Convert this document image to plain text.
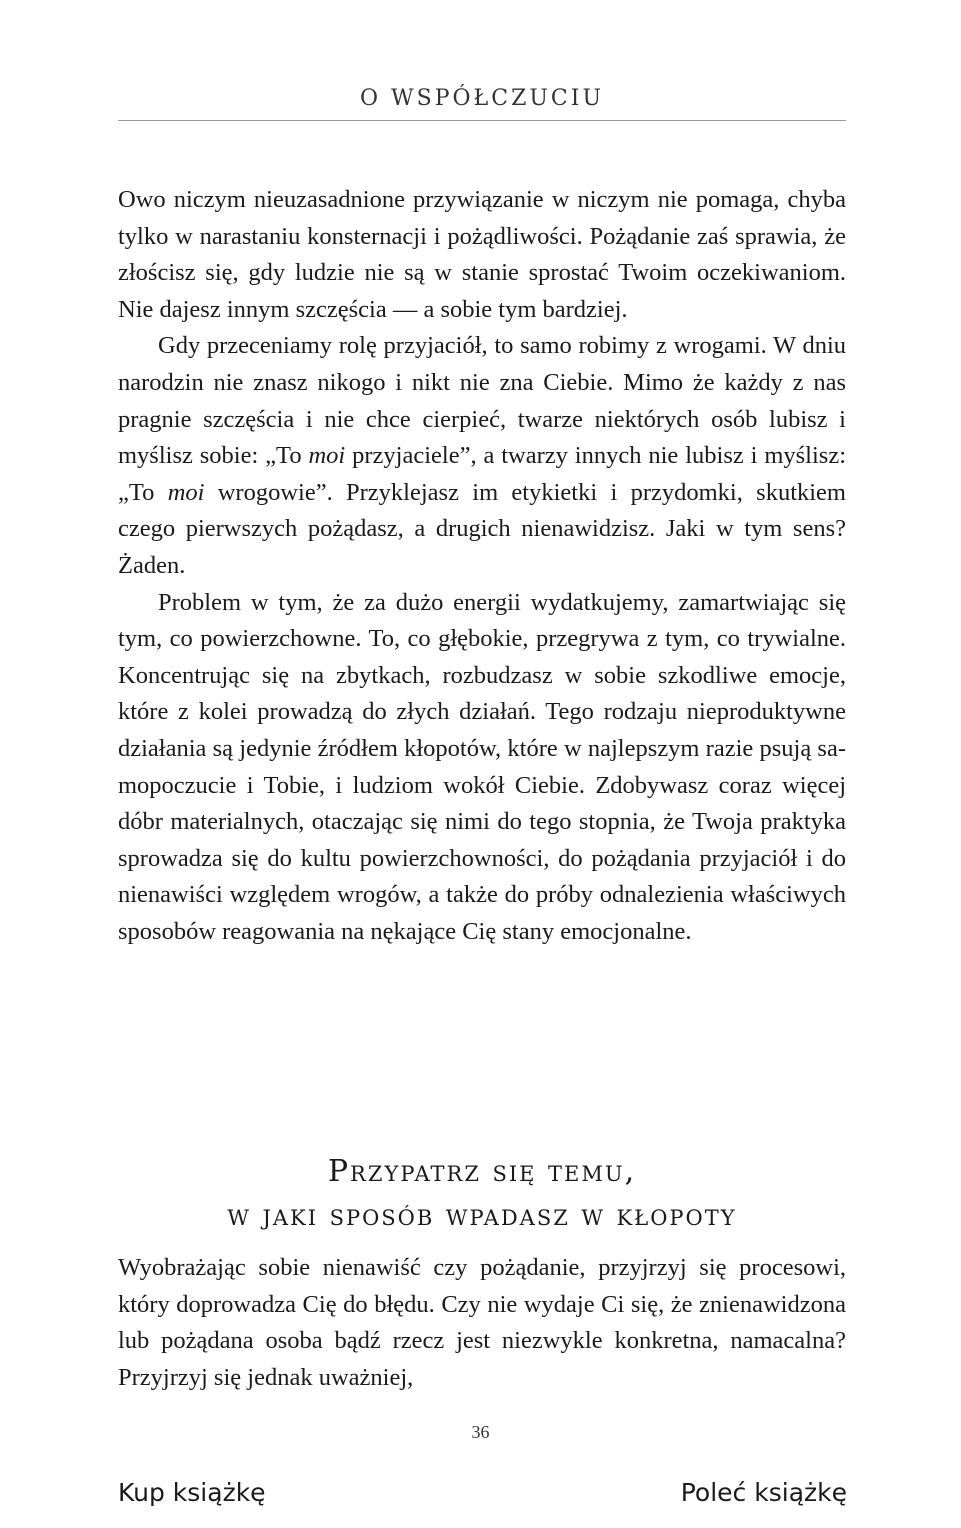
O WSPÓŁCZUCIU

Owo niczym nieuzasadnione przywiązanie w niczym nie pomaga, chyba tylko w narastaniu konsternacji i pożądliwości. Pożądanie zaś sprawia, że złościsz się, gdy ludzie nie są w stanie sprostać Twoim oczekiwaniom. Nie dajesz innym szczęścia — a sobie tym bardziej.

Gdy przeceniamy rolę przyjaciół, to samo robimy z wrogami. W dniu narodzin nie znasz nikogo i nikt nie zna Ciebie. Mimo że każdy z nas pragnie szczęścia i nie chce cierpieć, twarze niektórych osób lubisz i myślisz sobie: „To moi przyjaciele”, a twarzy innych nie lubisz i myślisz: „To moi wrogowie”. Przyklejasz im etykietki i przydomki, skutkiem czego pierwszych pożądasz, a drugich nienawidzisz. Jaki w tym sens? Żaden.

Problem w tym, że za dużo energii wydatkujemy, zamartwiając się tym, co powierzchowne. To, co głębokie, przegrywa z tym, co trywialne. Koncentrując się na zbytkach, rozbudzasz w sobie szkodliwe emocje, które z kolei prowadzą do złych działań. Tego rodzaju nieproduktywne działania są jedynie źródłem kłopotów, które w najlepszym razie psują samopoczucie i Tobie, i ludziom wokół Ciebie. Zdobywasz coraz więcej dóbr materialnych, otaczając się nimi do tego stopnia, że Twoja praktyka sprowadza się do kultu powierzchowności, do pożądania przyjaciół i do nienawiści względem wrogów, a także do próby odnalezienia właściwych sposobów reagowania na nękające Cię stany emocjonalne.

Przypatrz się temu,
w jaki sposób wpadasz w kłopoty

Wyobrażając sobie nienawiść czy pożądanie, przyjrzyj się procesowi, który doprowadza Cię do błędu. Czy nie wydaje Ci się, że znienawidzona lub pożądana osoba bądź rzecz jest niezwykle konkretna, namacalna? Przyjrzyj się jednak uważniej,

36
Kup książkę	Poleć książkę
